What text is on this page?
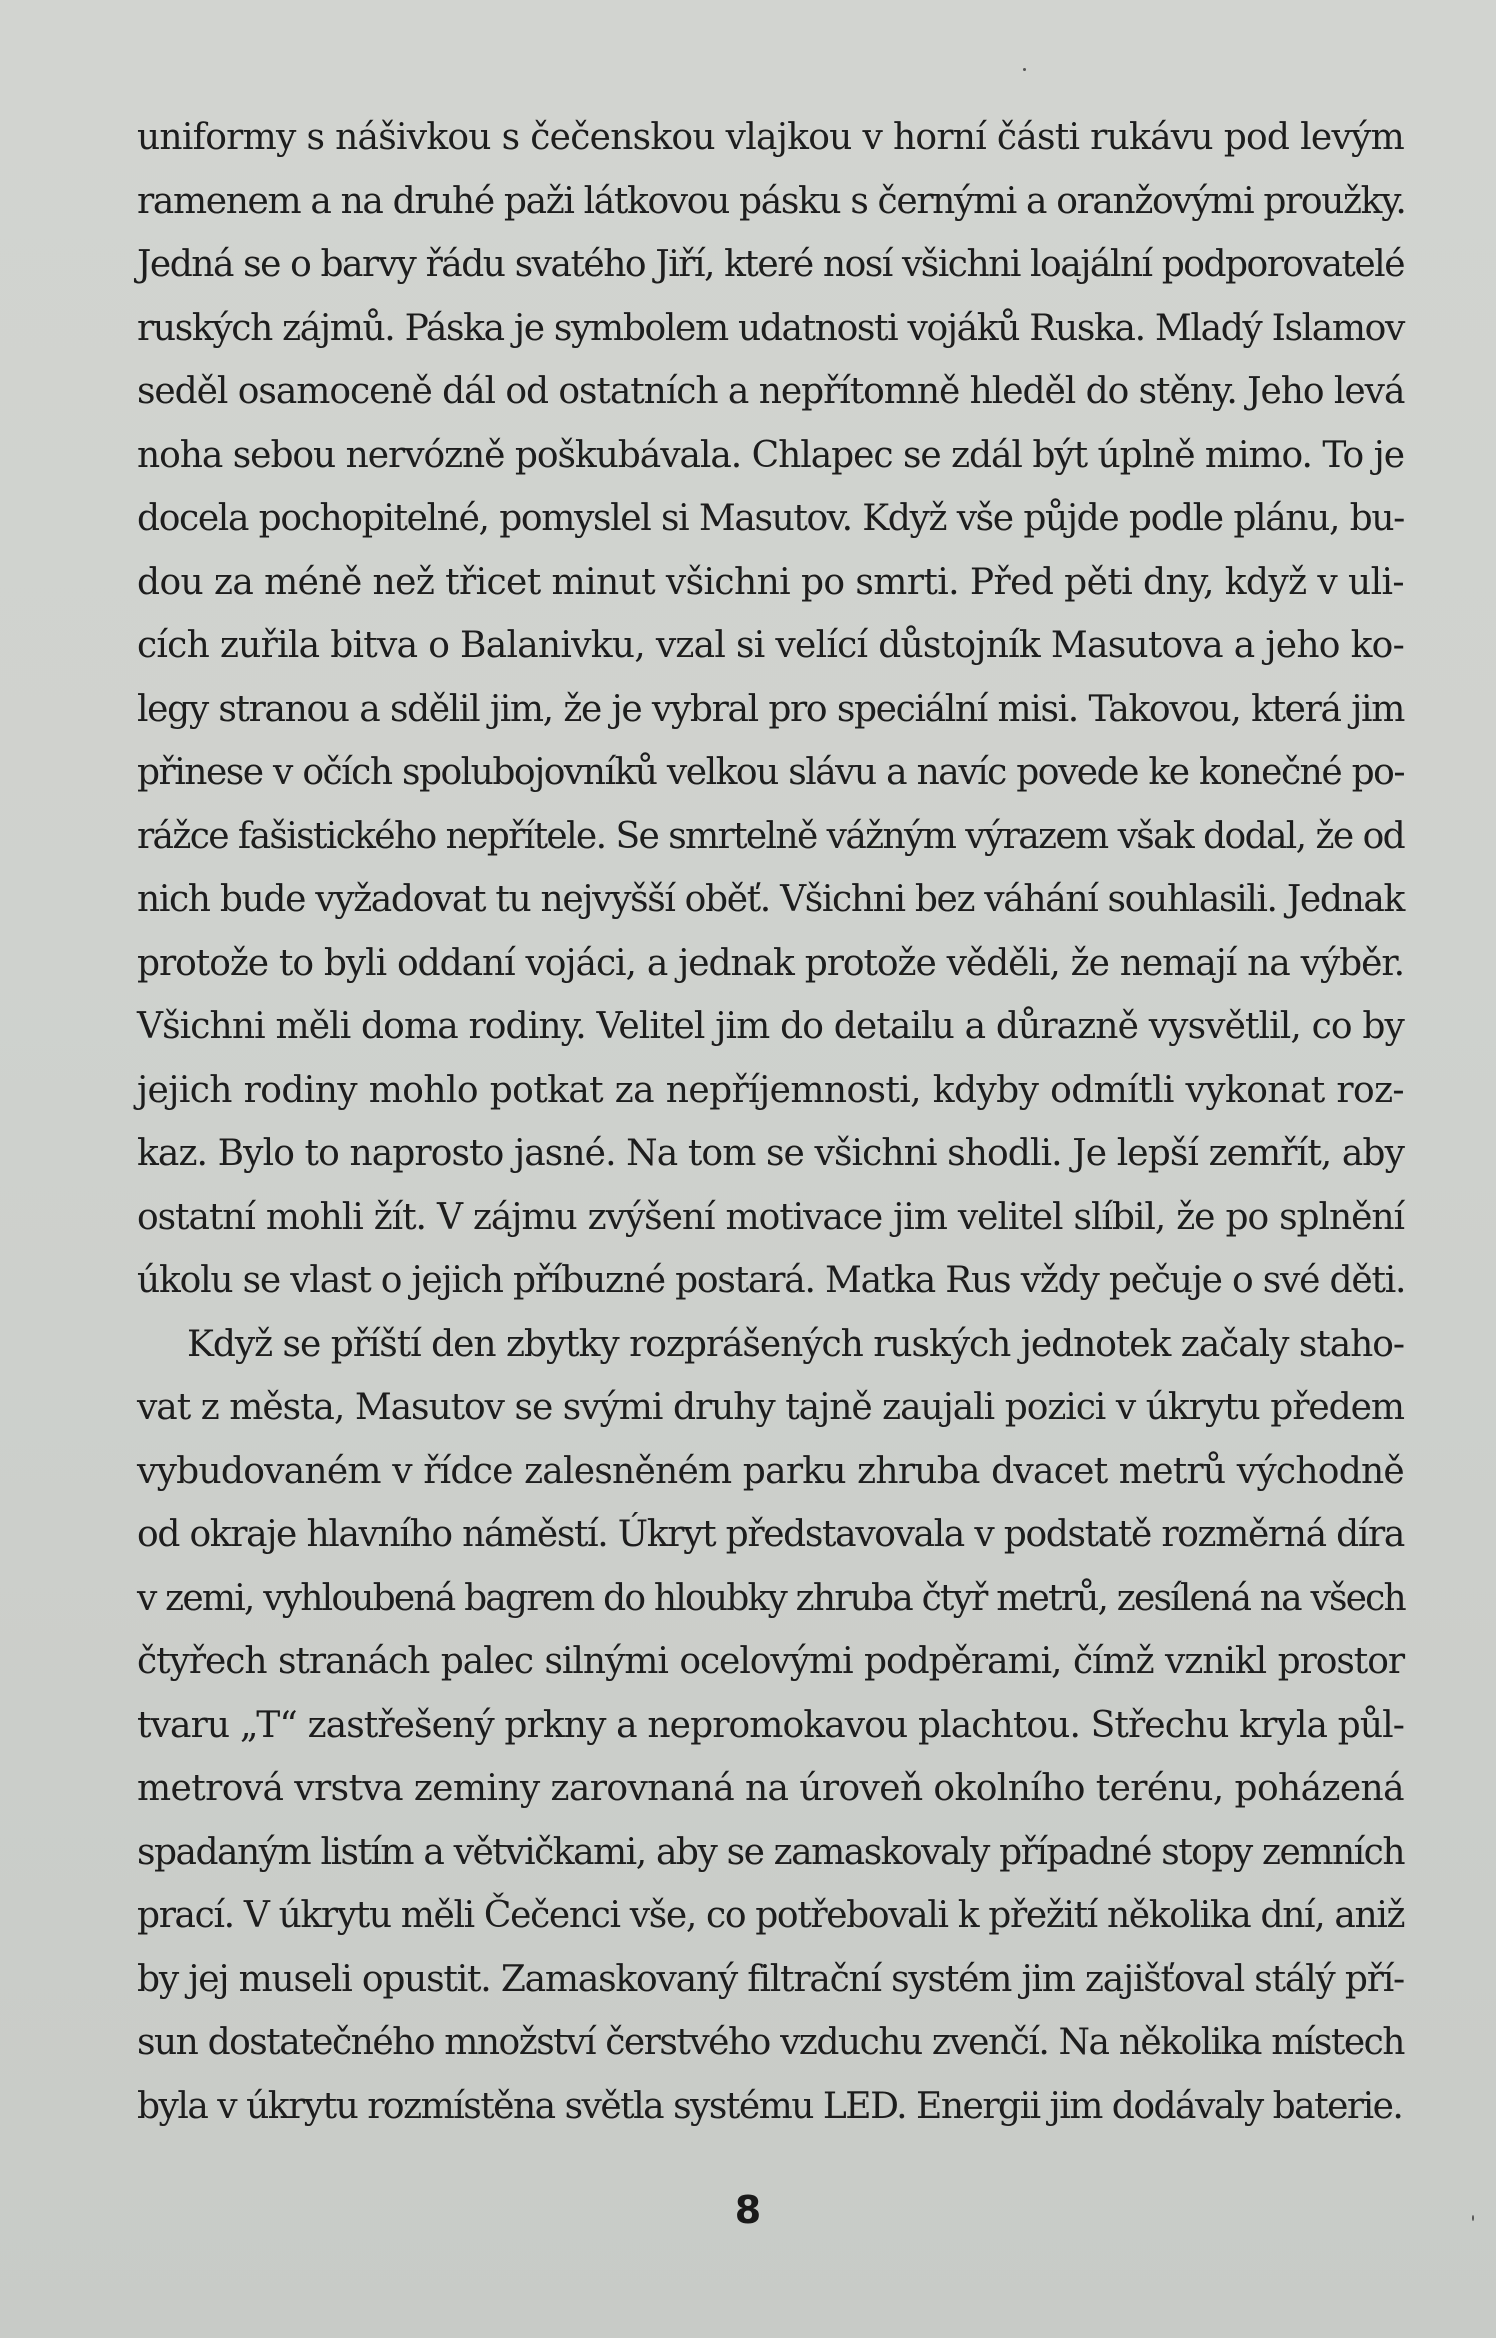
uniformy s nášivkou s čečenskou vlajkou v horní části rukávu pod levým
ramenem a na druhé paži látkovou pásku s černými a oranžovými proužky.
Jedná se o barvy řádu svatého Jiří, které nosí všichni loajální podporovatelé
ruských zájmů. Páska je symbolem udatnosti vojáků Ruska. Mladý Islamov
seděl osamoceně dál od ostatních a nepřítomně hleděl do stěny. Jeho levá
noha sebou nervózně poškubávala. Chlapec se zdál být úplně mimo. To je
docela pochopitelné, pomyslel si Masutov. Když vše půjde podle plánu, bu-
dou za méně než třicet minut všichni po smrti. Před pěti dny, když v uli-
cích zuřila bitva o Balanivku, vzal si velící důstojník Masutova a jeho ko-
legy stranou a sdělil jim, že je vybral pro speciální misi. Takovou, která jim
přinese v očích spolubojovníků velkou slávu a navíc povede ke konečné po-
rážce fašistického nepřítele. Se smrtelně vážným výrazem však dodal, že od
nich bude vyžadovat tu nejvyšší oběť. Všichni bez váhání souhlasili. Jednak
protože to byli oddaní vojáci, a jednak protože věděli, že nemají na výběr.
Všichni měli doma rodiny. Velitel jim do detailu a důrazně vysvětlil, co by
jejich rodiny mohlo potkat za nepříjemnosti, kdyby odmítli vykonat roz-
kaz. Bylo to naprosto jasné. Na tom se všichni shodli. Je lepší zemřít, aby
ostatní mohli žít. V zájmu zvýšení motivace jim velitel slíbil, že po splnění
úkolu se vlast o jejich příbuzné postará. Matka Rus vždy pečuje o své děti.
Když se příští den zbytky rozprášených ruských jednotek začaly staho-
vat z města, Masutov se svými druhy tajně zaujali pozici v úkrytu předem
vybudovaném v řídce zalesněném parku zhruba dvacet metrů východně
od okraje hlavního náměstí. Úkryt představovala v podstatě rozměrná díra
v zemi, vyhloubená bagrem do hloubky zhruba čtyř metrů, zesílená na všech
čtyřech stranách palec silnými ocelovými podpěrami, čímž vznikl prostor
tvaru „T“ zastřešený prkny a nepromokavou plachtou. Střechu kryla půl-
metrová vrstva zeminy zarovnaná na úroveň okolního terénu, poházená
spadaným listím a větvičkami, aby se zamaskovaly případné stopy zemních
prací. V úkrytu měli Čečenci vše, co potřebovali k přežití několika dní, aniž
by jej museli opustit. Zamaskovaný filtrační systém jim zajišťoval stálý pří-
sun dostatečného množství čerstvého vzduchu zvenčí. Na několika místech
byla v úkrytu rozmístěna světla systému LED. Energii jim dodávaly baterie.
8
